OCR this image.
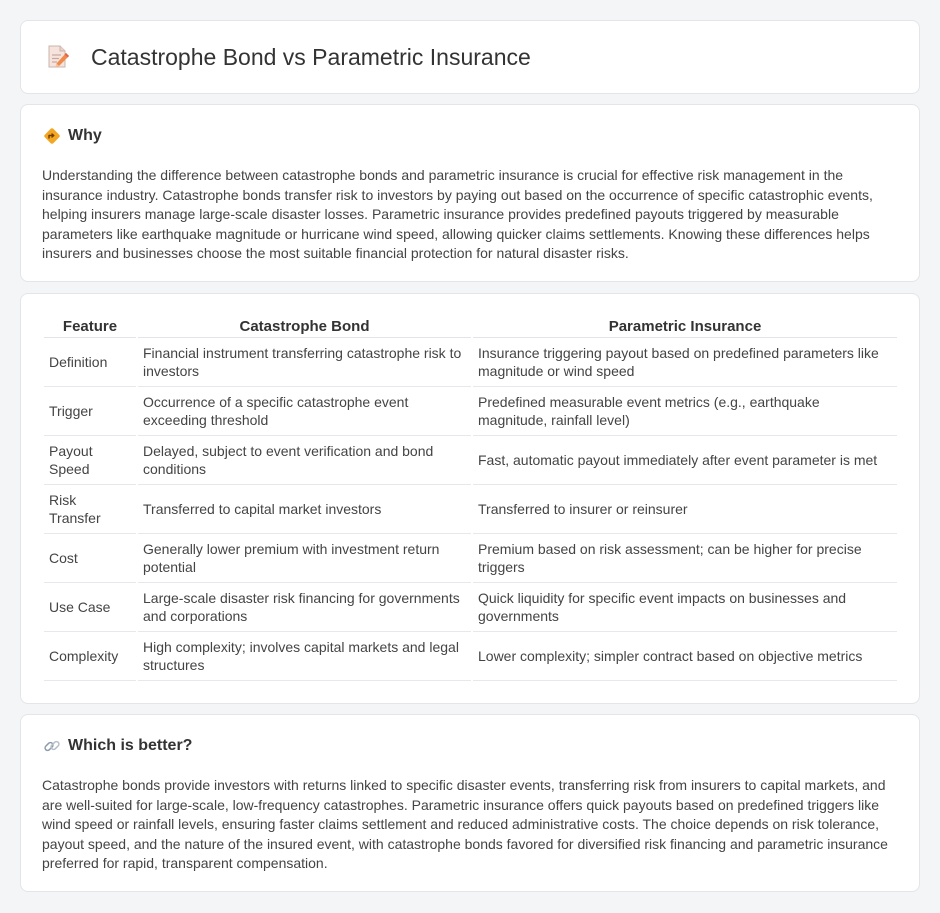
Catastrophe Bond vs Parametric Insurance
Why

Understanding the difference between catastrophe bonds and parametric insurance is crucial for effective risk management in the insurance industry. Catastrophe bonds transfer risk to investors by paying out based on the occurrence of specific catastrophic events, helping insurers manage large-scale disaster losses. Parametric insurance provides predefined payouts triggered by measurable parameters like earthquake magnitude or hurricane wind speed, allowing quicker claims settlements. Knowing these differences helps insurers and businesses choose the most suitable financial protection for natural disaster risks.

Feature	Catastrophe Bond	Parametric Insurance
Definition	Financial instrument transferring catastrophe risk to investors	Insurance triggering payout based on predefined parameters like magnitude or wind speed
Trigger	Occurrence of a specific catastrophe event exceeding threshold	Predefined measurable event metrics (e.g., earthquake magnitude, rainfall level)
Payout Speed	Delayed, subject to event verification and bond conditions	Fast, automatic payout immediately after event parameter is met
Risk Transfer	Transferred to capital market investors	Transferred to insurer or reinsurer
Cost	Generally lower premium with investment return potential	Premium based on risk assessment; can be higher for precise triggers
Use Case	Large-scale disaster risk financing for governments and corporations	Quick liquidity for specific event impacts on businesses and governments
Complexity	High complexity; involves capital markets and legal structures	Lower complexity; simpler contract based on objective metrics
Which is better?

Catastrophe bonds provide investors with returns linked to specific disaster events, transferring risk from insurers to capital markets, and are well-suited for large-scale, low-frequency catastrophes. Parametric insurance offers quick payouts based on predefined triggers like wind speed or rainfall levels, ensuring faster claims settlement and reduced administrative costs. The choice depends on risk tolerance, payout speed, and the nature of the insured event, with catastrophe bonds favored for diversified risk financing and parametric insurance preferred for rapid, transparent compensation.
